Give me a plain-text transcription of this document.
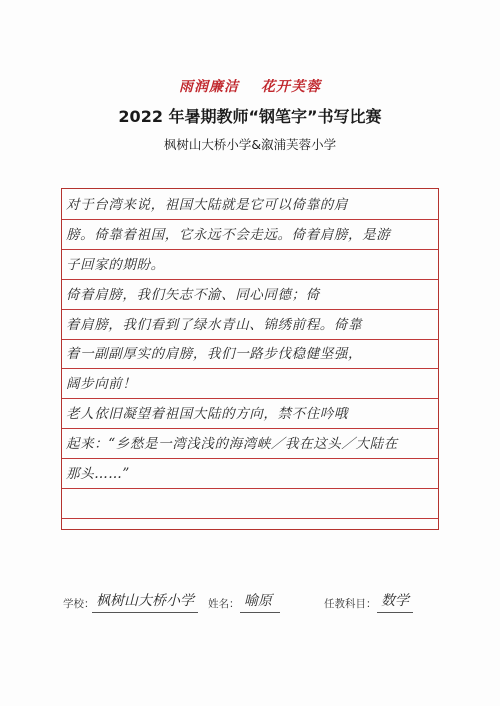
雨润廉洁 花开芙蓉
2022 年暑期教师“钢笔字”书写比赛
枫树山大桥小学&溆浦芙蓉小学
对于台湾来说，祖国大陆就是它可以倚靠的肩
膀。倚靠着祖国，它永远不会走远。倚着肩膀，是游
子回家的期盼。
倚着肩膀，我们矢志不渝、同心同德；倚
着肩膀，我们看到了绿水青山、锦绣前程。倚靠
着一副副厚实的肩膀，我们一路步伐稳健坚强，
阔步向前！
老人依旧凝望着祖国大陆的方向，禁不住吟哦
起来：“乡愁是一湾浅浅的海湾峡／我在这头／大陆在
那头……”
学校： 枫树山大桥小学	姓名： 喻原	任教科目： 数学
